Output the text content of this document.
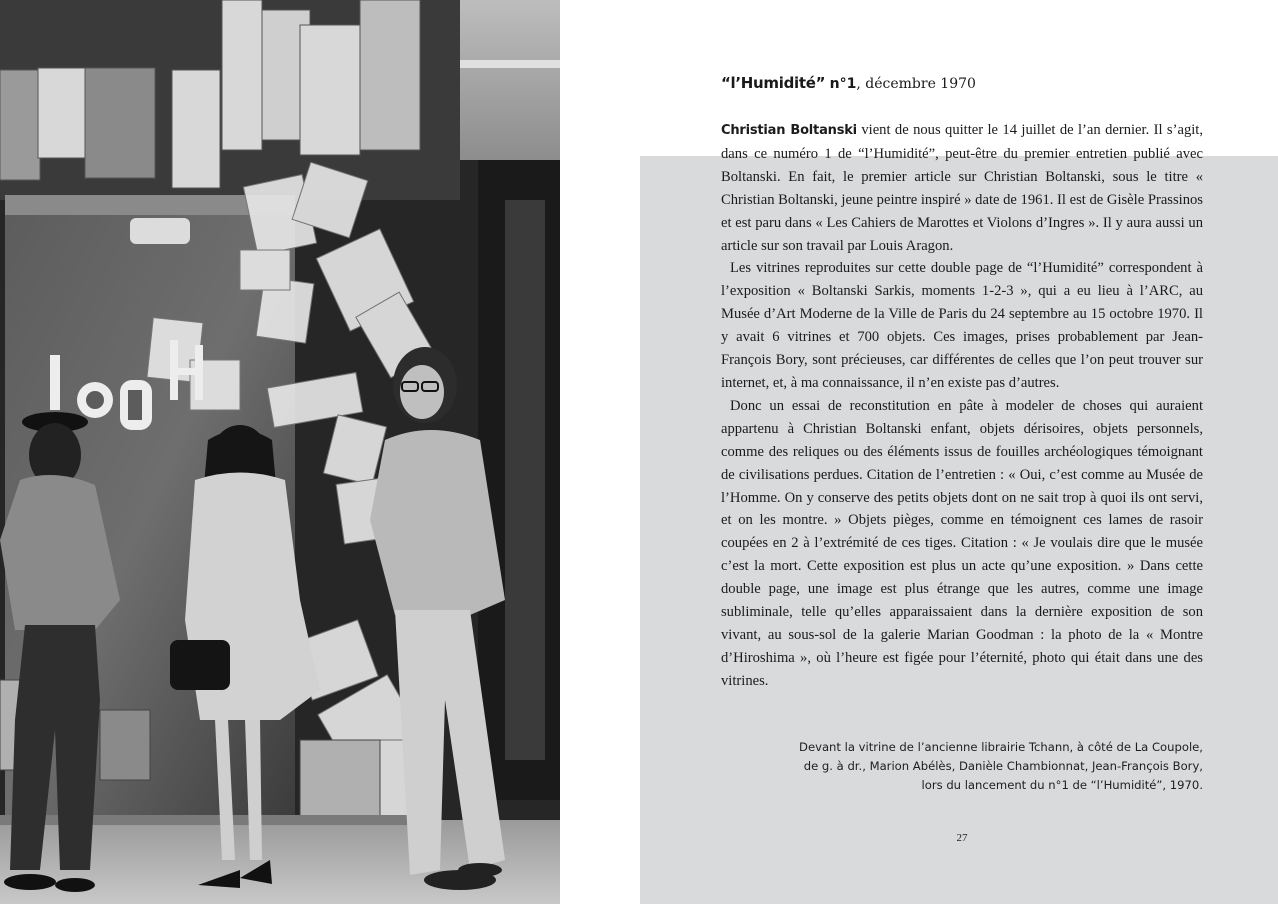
“l’Humidité” n°1, décembre 1970

Christian Boltanski vient de nous quitter le 14 juillet de l’an dernier. Il s’agit, dans ce numéro 1 de “l’Humidité”, peut-être du premier entretien publié avec Boltanski. En fait, le premier article sur Christian Boltanski, sous le titre « Christian Boltanski, jeune peintre inspiré » date de 1961. Il est de Gisèle Prassinos et est paru dans « Les Cahiers de Marottes et Violons d’Ingres ». Il y aura aussi un article sur son travail par Louis Aragon.

Les vitrines reproduites sur cette double page de “l’Humidité” correspondent à l’exposition « Boltanski Sarkis, moments 1-2-3 », qui a eu lieu à l’ARC, au Musée d’Art Moderne de la Ville de Paris du 24 septembre au 15 octobre 1970. Il y avait 6 vitrines et 700 objets. Ces images, prises probablement par Jean-François Bory, sont précieuses, car différentes de celles que l’on peut trouver sur internet, et, à ma connaissance, il n’en existe pas d’autres.

Donc un essai de reconstitution en pâte à modeler de choses qui auraient appartenu à Christian Boltanski enfant, objets dérisoires, objets personnels, comme des reliques ou des éléments issus de fouilles archéologiques témoignant de civilisations perdues. Citation de l’entretien : « Oui, c’est comme au Musée de l’Homme. On y conserve des petits objets dont on ne sait trop à quoi ils ont servi, et on les montre. » Objets pièges, comme en témoignent ces lames de rasoir coupées en 2 à l’extrémité de ces tiges. Citation : « Je voulais dire que le musée c’est la mort. Cette exposition est plus un acte qu’une exposition. » Dans cette double page, une image est plus étrange que les autres, comme une image subliminale, telle qu’elles apparaissaient dans la dernière exposition de son vivant, au sous-sol de la galerie Marian Goodman : la photo de la « Montre d’Hiroshima », où l’heure est figée pour l’éternité, photo qui était dans une des vitrines.

Devant la vitrine de l’ancienne librairie Tchann, à côté de La Coupole,
de g. à dr., Marion Abélès, Danièle Chambionnat, Jean-François Bory,
lors du lancement du n°1 de “l’Humidité”, 1970.
27
